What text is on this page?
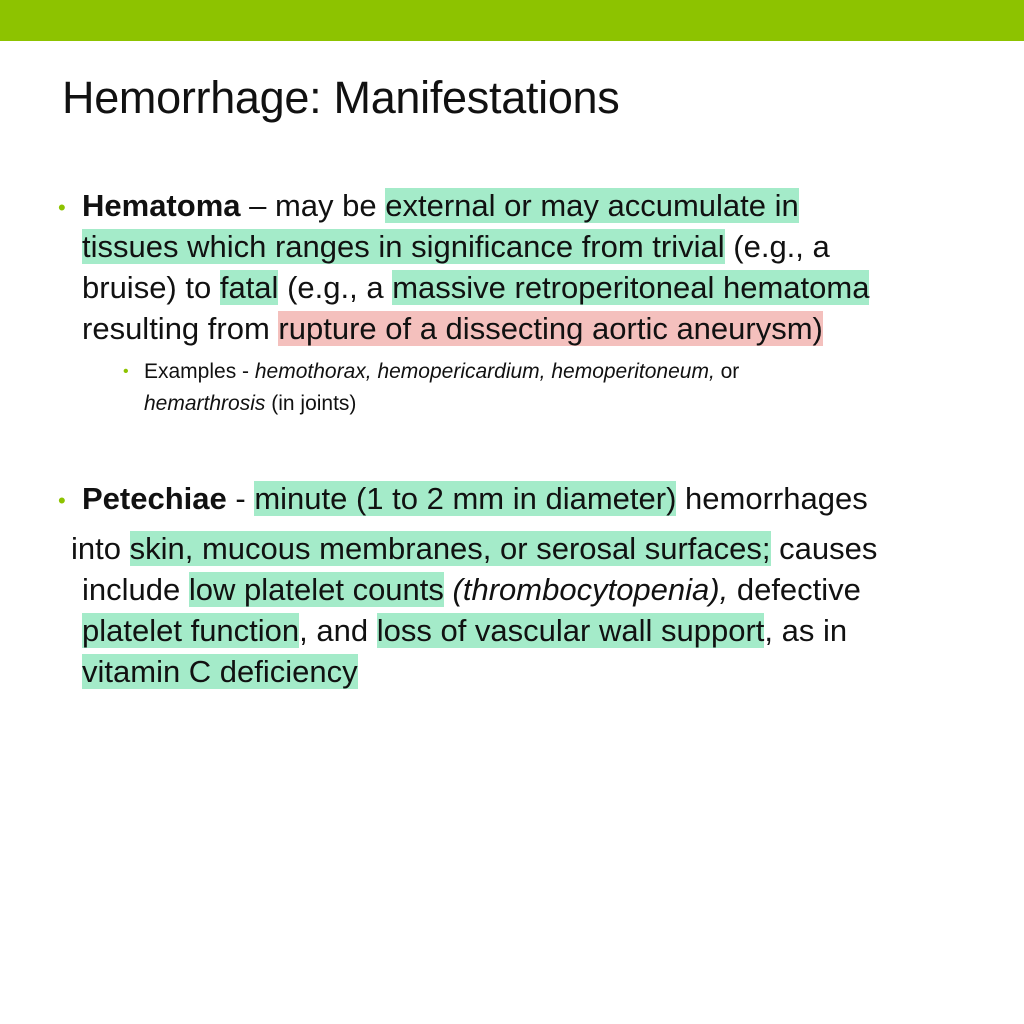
Hemorrhage: Manifestations
• Hematoma – may be external or may accumulate in
tissues which ranges in significance from trivial (e.g., a
bruise) to fatal (e.g., a massive retroperitoneal hematoma
resulting from rupture of a dissecting aortic aneurysm)
• Examples - hemothorax, hemopericardium, hemoperitoneum, or
hemarthrosis (in joints)
• Petechiae - minute (1 to 2 mm in diameter) hemorrhages
into skin, mucous membranes, or serosal surfaces; causes
include low platelet counts (thrombocytopenia), defective
platelet function, and loss of vascular wall support, as in
vitamin C deficiency
